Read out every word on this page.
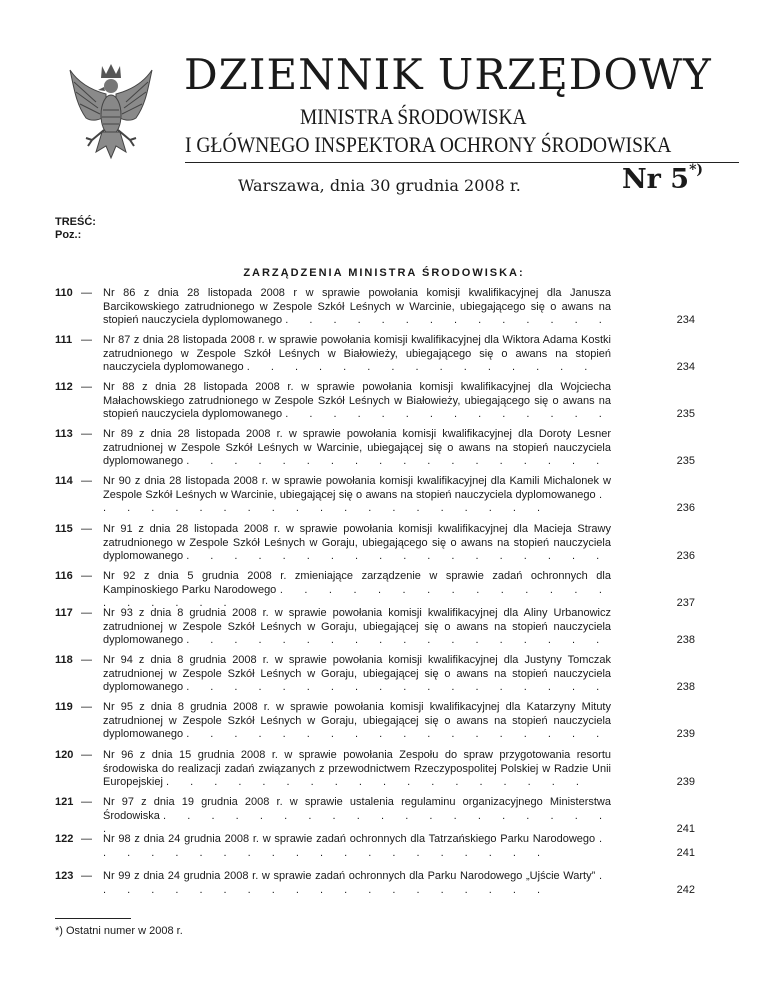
DZIENNIK URZĘDOWY
MINISTRA ŚRODOWISKA
I GŁÓWNEGO INSPEKTORA OCHRONY ŚRODOWISKA
Warszawa, dnia 30 grudnia 2008 r.	Nr 5*)
TREŚĆ:
Poz.:
ZARZĄDZENIA MINISTRA ŚRODOWISKA:
110 — Nr 86 z dnia 28 listopada 2008 r w sprawie powołania komisji kwalifikacyjnej dla Janusza Barcikowskiego zatrudnionego w Zespole Szkół Leśnych w Warcinie, ubiegającego się o awans na stopień nauczyciela dyplomowanego . . . . . . . . . . . . . .	234
111 — Nr 87 z dnia 28 listopada 2008 r. w sprawie powołania komisji kwalifikacyjnej dla Wiktora Adama Kostki zatrudnionego w Zespole Szkół Leśnych w Białowieży, ubiegającego się o awans na stopień nauczyciela dyplomowanego . . . . . . . . . . . . . . .	234
112 — Nr 88 z dnia 28 listopada 2008 r. w sprawie powołania komisji kwalifikacyjnej dla Wojciecha Małachowskiego zatrudnionego w Zespole Szkół Leśnych w Białowieży, ubiegającego się o awans na stopień nauczyciela dyplomowanego . . . . . . . . . . . . . .	235
113 — Nr 89 z dnia 28 listopada 2008 r. w sprawie powołania komisji kwalifikacyjnej dla Doroty Lesner zatrudnionej w Zespole Szkół Leśnych w Warcinie, ubiegającej się o awans na stopień nauczyciela dyplomowanego . . . . . . . . . . . . . . . . . .	235
114 — Nr 90 z dnia 28 listopada 2008 r. w sprawie powołania komisji kwalifikacyjnej dla Kamili Michalonek w Zespole Szkół Leśnych w Warcinie, ubiegającej się o awans na stopień nauczyciela dyplomowanego . . . . . . . . . . . . . . . . . . . .	236
115 — Nr 91 z dnia 28 listopada 2008 r. w sprawie powołania komisji kwalifikacyjnej dla Macieja Strawy zatrudnionego w Zespole Szkół Leśnych w Goraju, ubiegającego się o awans na stopień nauczyciela dyplomowanego . . . . . . . . . . . . . . . . . .	236
116 — Nr 92 z dnia 5 grudnia 2008 r. zmieniające zarządzenie w sprawie zadań ochronnych dla Kampinoskiego Parku Narodowego . . . . . . . . . . . . . . . . . . . .	237
117 — Nr 93 z dnia 8 grudnia 2008 r. w sprawie powołania komisji kwalifikacyjnej dla Aliny Urbanowicz zatrudnionej w Zespole Szkół Leśnych w Goraju, ubiegającej się o awans na stopień nauczyciela dyplomowanego . . . . . . . . . . . . . . . . . .	238
118 — Nr 94 z dnia 8 grudnia 2008 r. w sprawie powołania komisji kwalifikacyjnej dla Justyny Tomczak zatrudnionej w Zespole Szkół Leśnych w Goraju, ubiegającej się o awans na stopień nauczyciela dyplomowanego . . . . . . . . . . . . . . . . . .	238
119 — Nr 95 z dnia 8 grudnia 2008 r. w sprawie powołania komisji kwalifikacyjnej dla Katarzyny Mituty zatrudnionej w Zespole Szkół Leśnych w Goraju, ubiegającej się o awans na stopień nauczyciela dyplomowanego . . . . . . . . . . . . . . . . . .	239
120 — Nr 96 z dnia 15 grudnia 2008 r. w sprawie powołania Zespołu do spraw przygotowania resortu środowiska do realizacji zadań związanych z przewodnictwem Rzeczypospolitej Polskiej w Radzie Unii Europejskiej . . . . . . . . . . . . . . . . . .	239
121 — Nr 97 z dnia 19 grudnia 2008 r. w sprawie ustalenia regulaminu organizacyjnego Ministerstwa Środowiska . . . . . . . . . . . . . . . . . . . .	241
122 — Nr 98 z dnia 24 grudnia 2008 r. w sprawie zadań ochronnych dla Tatrzańskiego Parku Narodowego . . . . . . . . . . . . . . . . . . . .	241
123 — Nr 99 z dnia 24 grudnia 2008 r. w sprawie zadań ochronnych dla Parku Narodowego „Ujście Warty” . . . . . . . . . . . . . . . . . . . .	242
*) Ostatni numer w 2008 r.
